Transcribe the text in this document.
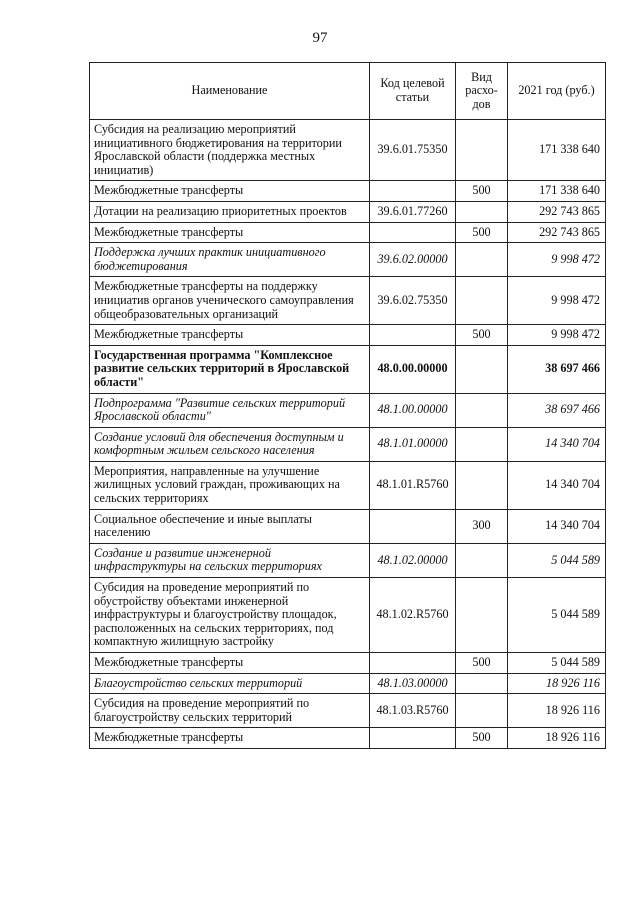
97
Наименование	Код целевой статьи	Вид расхо-дов	2021 год (руб.)
Субсидия на реализацию мероприятий инициативного бюджетирования на территории Ярославской области (поддержка местных инициатив)	39.6.01.75350		171 338 640
Межбюджетные трансферты		500	171 338 640
Дотации на реализацию приоритетных проектов	39.6.01.77260		292 743 865
Межбюджетные трансферты		500	292 743 865
Поддержка лучших практик инициативного бюджетирования	39.6.02.00000		9 998 472
Межбюджетные трансферты на поддержку инициатив органов ученического самоуправления общеобразовательных организаций	39.6.02.75350		9 998 472
Межбюджетные трансферты		500	9 998 472
Государственная программа "Комплексное развитие сельских территорий в Ярославской области"	48.0.00.00000		38 697 466
Подпрограмма "Развитие сельских территорий Ярославской области"	48.1.00.00000		38 697 466
Создание условий для обеспечения доступным и комфортным жильем сельского населения	48.1.01.00000		14 340 704
Мероприятия, направленные на улучшение жилищных условий граждан, проживающих на сельских территориях	48.1.01.R5760		14 340 704
Социальное обеспечение и иные выплаты населению		300	14 340 704
Создание и развитие инженерной инфраструктуры на сельских территориях	48.1.02.00000		5 044 589
Субсидия на проведение мероприятий по обустройству объектами инженерной инфраструктуры и благоустройству площадок, расположенных на сельских территориях, под компактную жилищную застройку	48.1.02.R5760		5 044 589
Межбюджетные трансферты		500	5 044 589
Благоустройство сельских территорий	48.1.03.00000		18 926 116
Субсидия на проведение мероприятий по благоустройству сельских территорий	48.1.03.R5760		18 926 116
Межбюджетные трансферты		500	18 926 116
